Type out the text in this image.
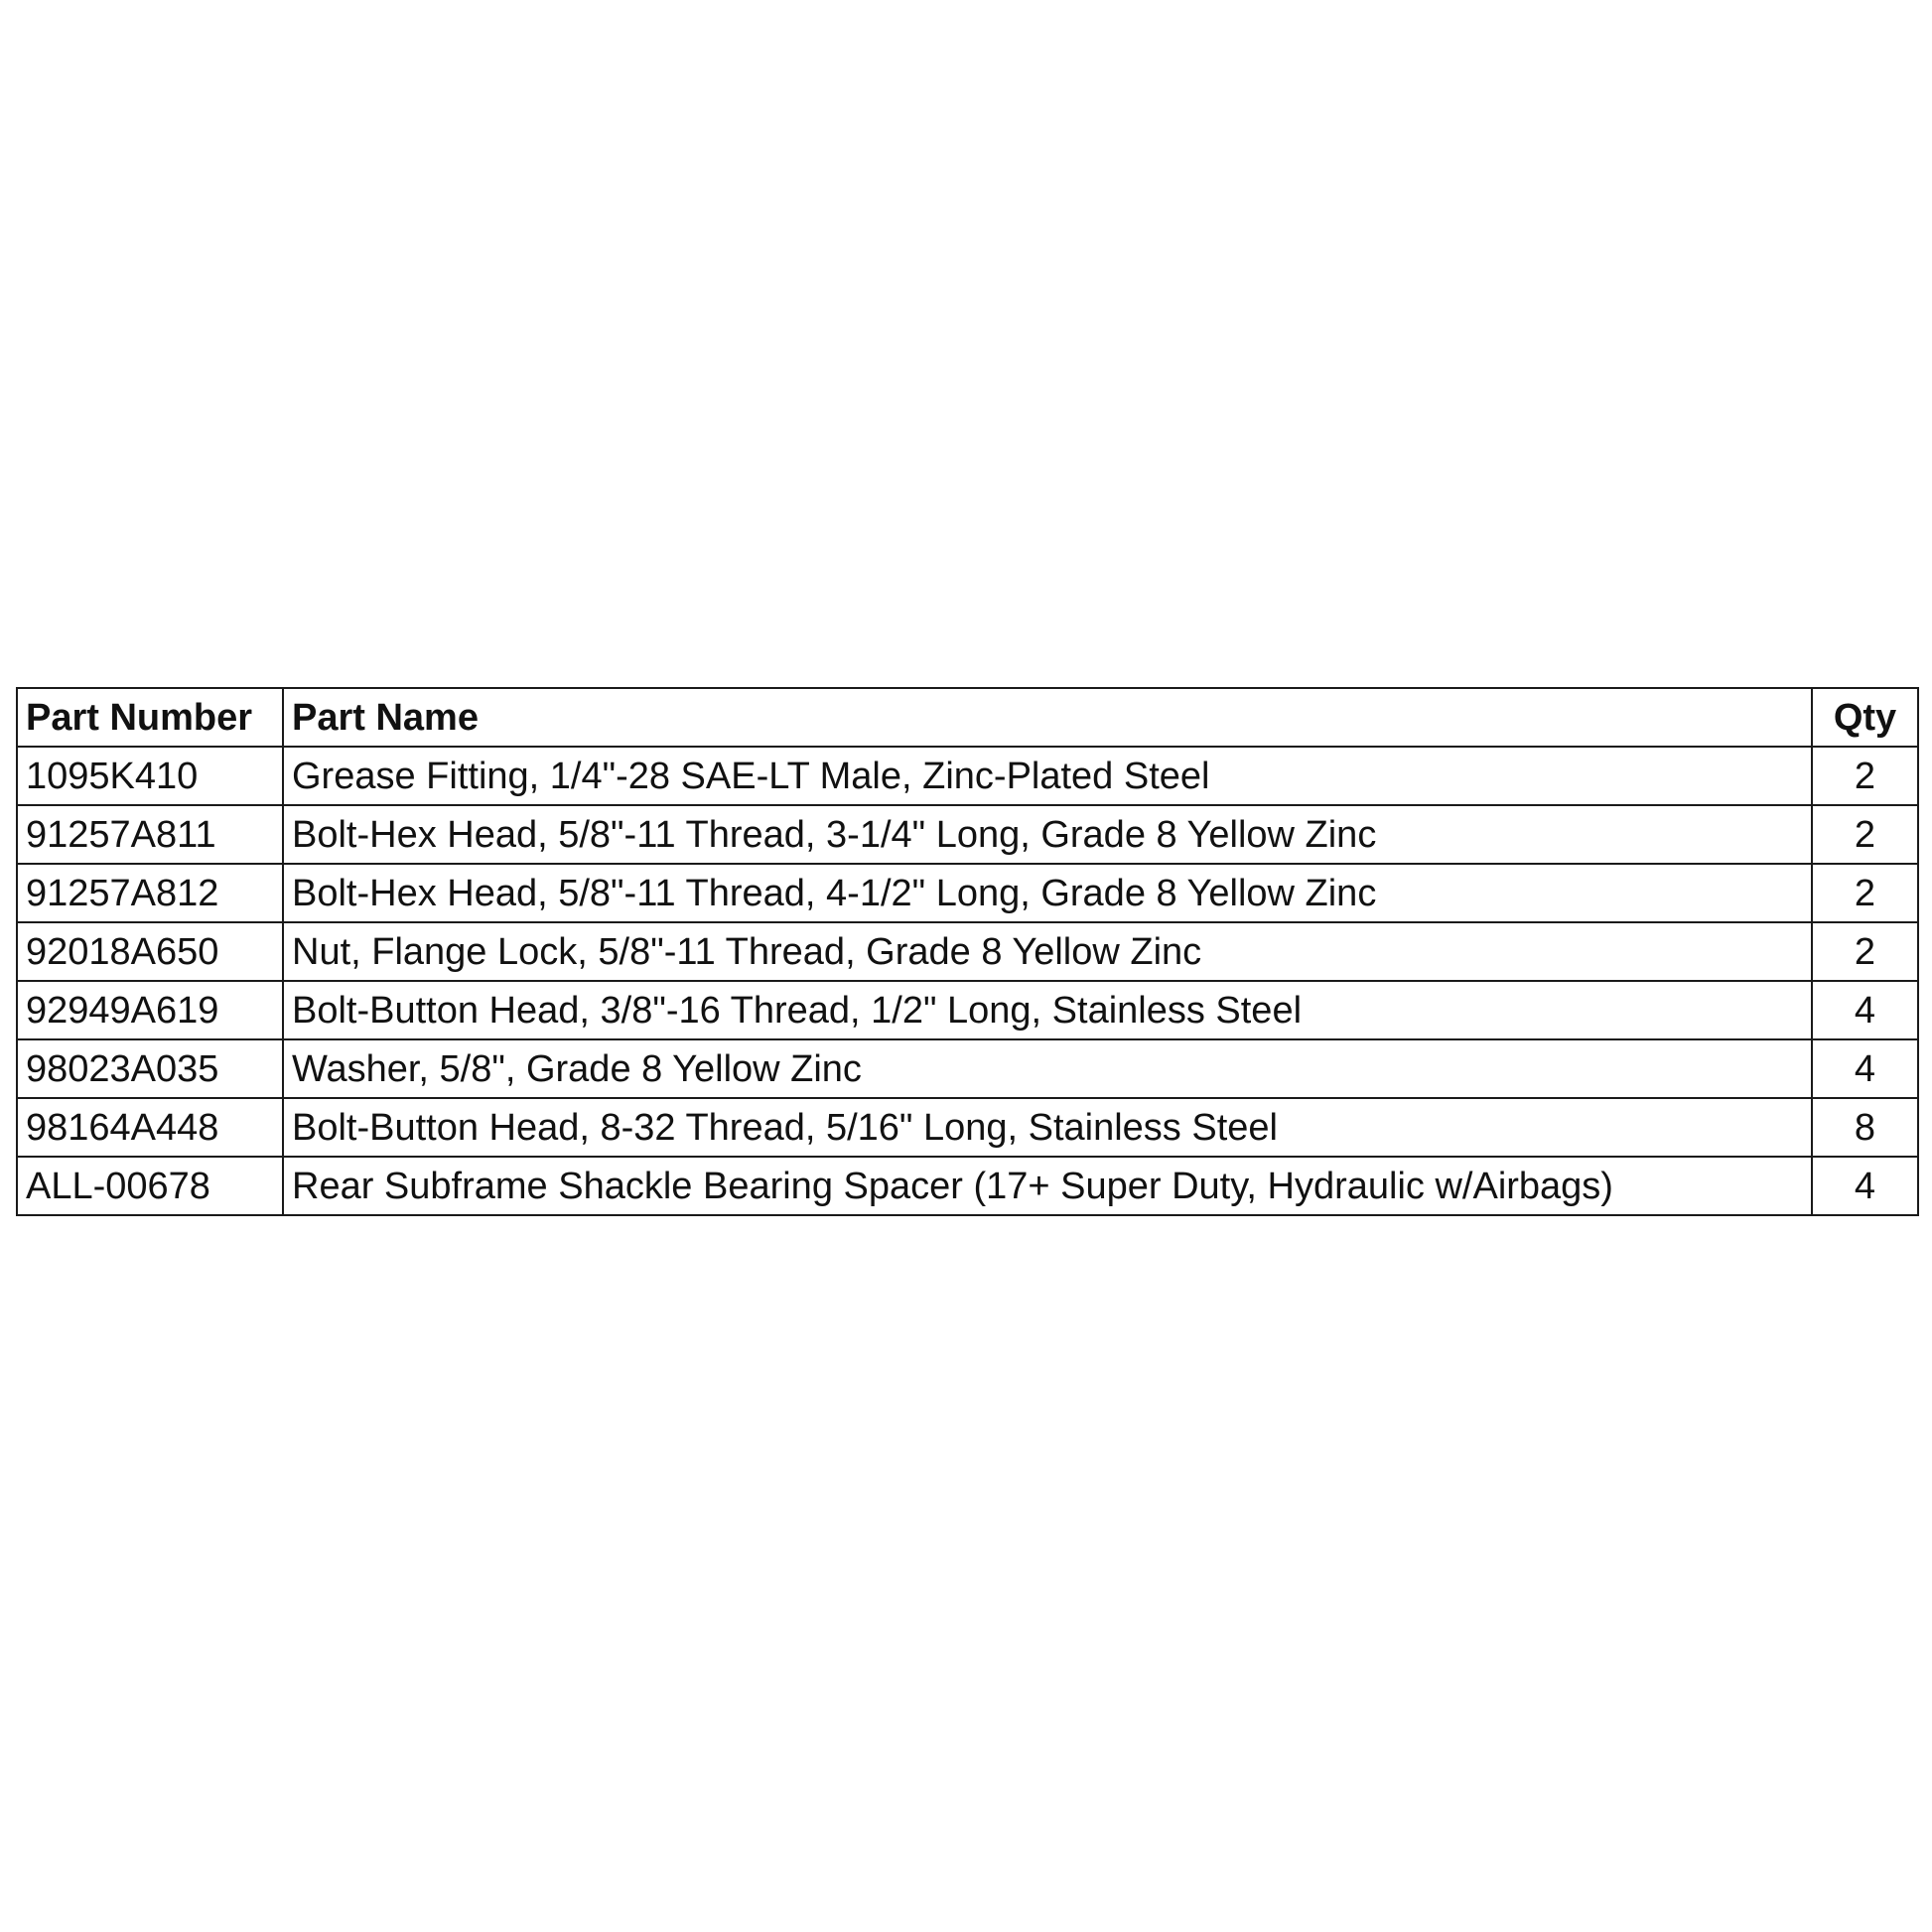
Part Number	Part Name	Qty
1095K410	Grease Fitting, 1/4"-28 SAE-LT Male, Zinc-Plated Steel	2
91257A811	Bolt-Hex Head, 5/8"-11 Thread, 3-1/4" Long, Grade 8 Yellow Zinc	2
91257A812	Bolt-Hex Head, 5/8"-11 Thread, 4-1/2" Long, Grade 8 Yellow Zinc	2
92018A650	Nut, Flange Lock, 5/8"-11 Thread, Grade 8 Yellow Zinc	2
92949A619	Bolt-Button Head, 3/8"-16 Thread, 1/2" Long, Stainless Steel	4
98023A035	Washer, 5/8", Grade 8 Yellow Zinc	4
98164A448	Bolt-Button Head, 8-32 Thread, 5/16" Long, Stainless Steel	8
ALL-00678	Rear Subframe Shackle Bearing Spacer (17+ Super Duty, Hydraulic w/Airbags)	4
